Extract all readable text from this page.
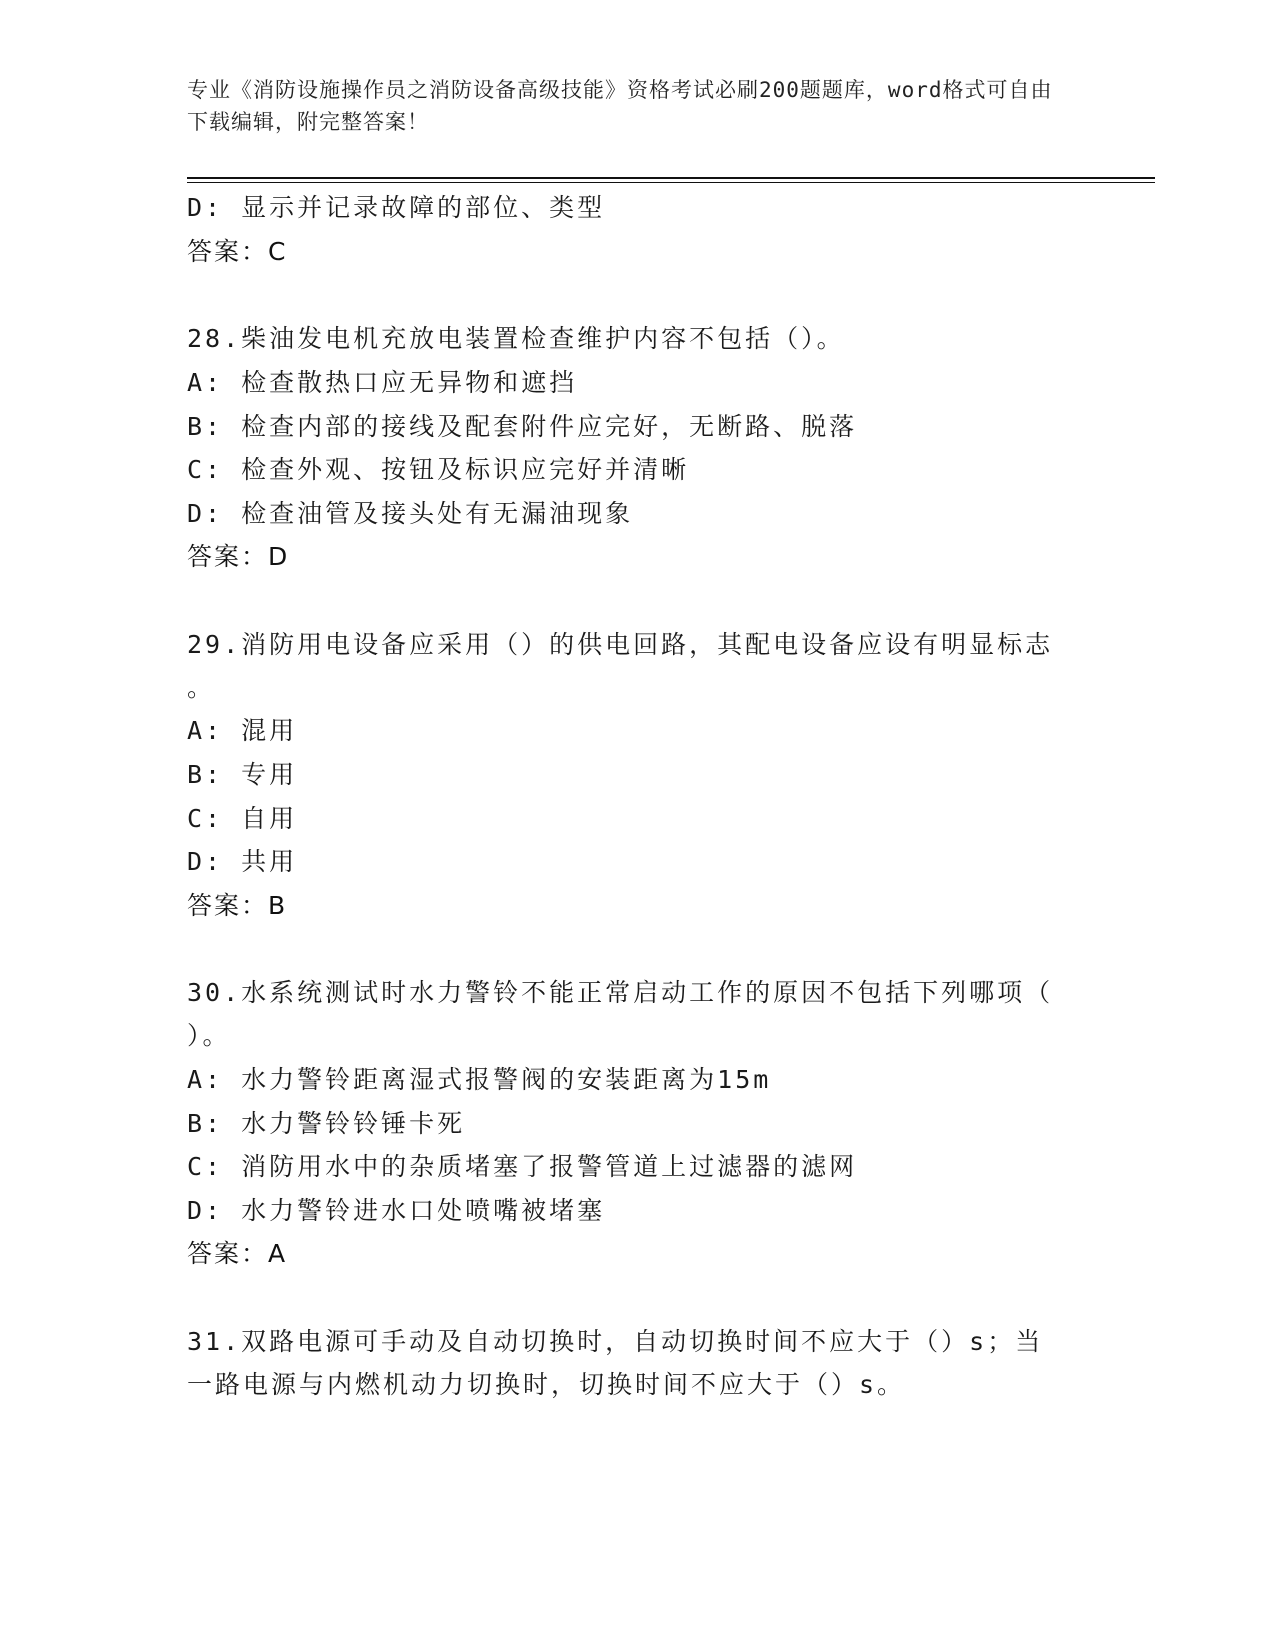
专业《消防设施操作员之消防设备高级技能》资格考试必刷200题题库，word格式可自由下载编辑，附完整答案！
D: 显示并记录故障的部位、类型
答案：C
28.柴油发电机充放电装置检查维护内容不包括（）。
A: 检查散热口应无异物和遮挡
B: 检查内部的接线及配套附件应完好，无断路、脱落
C: 检查外观、按钮及标识应完好并清晰
D: 检查油管及接头处有无漏油现象
答案：D
29.消防用电设备应采用（）的供电回路，其配电设备应设有明显标志
。
A: 混用
B: 专用
C: 自用
D: 共用
答案：B
30.水系统测试时水力警铃不能正常启动工作的原因不包括下列哪项（
）。
A: 水力警铃距离湿式报警阀的安装距离为15m
B: 水力警铃铃锤卡死
C: 消防用水中的杂质堵塞了报警管道上过滤器的滤网
D: 水力警铃进水口处喷嘴被堵塞
答案：A
31.双路电源可手动及自动切换时，自动切换时间不应大于（）s；当
一路电源与内燃机动力切换时，切换时间不应大于（）s。
